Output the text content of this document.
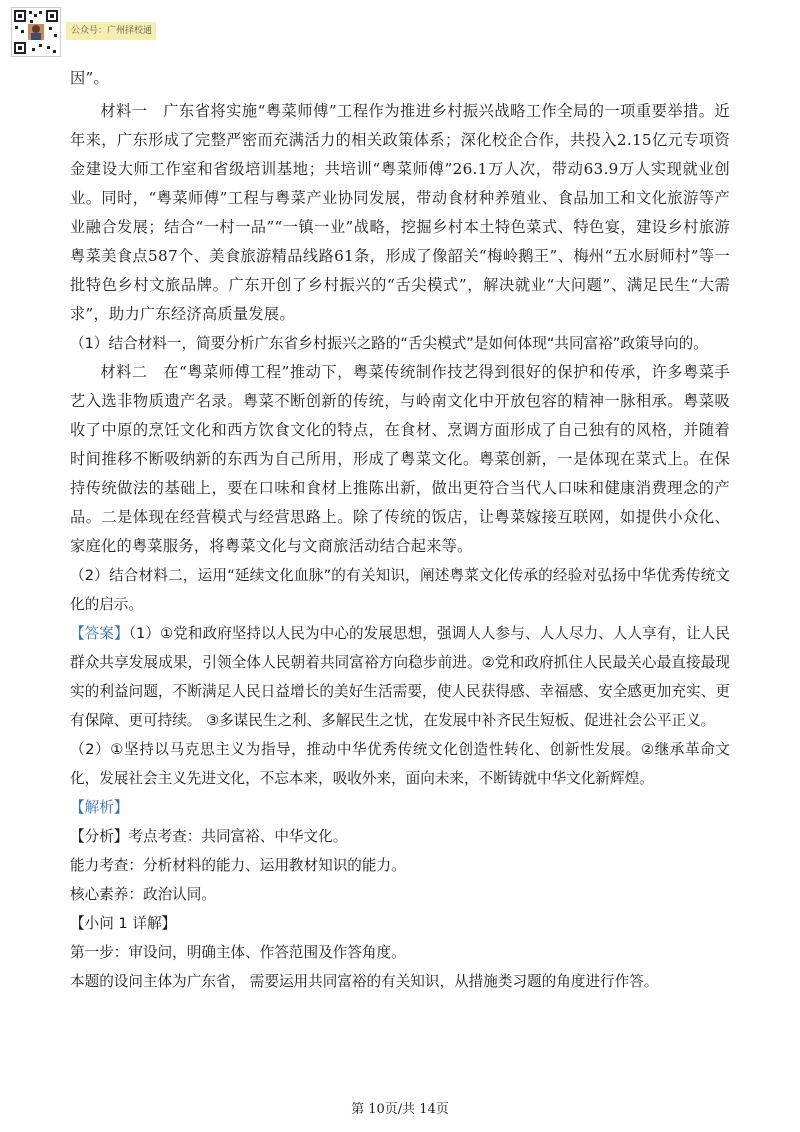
公众号：广州择校通

因”。

材料一　广东省将实施“粤菜师傅”工程作为推进乡村振兴战略工作全局的一项重要举措。近年来，广东形成了完整严密而充满活力的相关政策体系；深化校企合作，共投入2.15亿元专项资金建设大师工作室和省级培训基地；共培训“粤菜师傅”26.1万人次，带动63.9万人实现就业创业。同时，“粤菜师傅”工程与粤菜产业协同发展，带动食材种养殖业、食品加工和文化旅游等产业融合发展；结合“一村一品”“一镇一业”战略，挖掘乡村本土特色菜式、特色宴，建设乡村旅游粤菜美食点587个、美食旅游精品线路61条，形成了像韶关“梅岭鹅王”、梅州“五水厨师村”等一批特色乡村文旅品牌。广东开创了乡村振兴的“舌尖模式”，解决就业“大问题”、满足民生“大需求”，助力广东经济高质量发展。

（1）结合材料一，简要分析广东省乡村振兴之路的“舌尖模式”是如何体现“共同富裕”政策导向的。

材料二　在“粤菜师傅工程”推动下，粤菜传统制作技艺得到很好的保护和传承，许多粤菜手艺入选非物质遗产名录。粤菜不断创新的传统，与岭南文化中开放包容的精神一脉相承。粤菜吸收了中原的烹饪文化和西方饮食文化的特点，在食材、烹调方面形成了自己独有的风格，并随着时间推移不断吸纳新的东西为自己所用，形成了粤菜文化。粤菜创新，一是体现在菜式上。在保持传统做法的基础上，要在口味和食材上推陈出新，做出更符合当代人口味和健康消费理念的产品。二是体现在经营模式与经营思路上。除了传统的饭店，让粤菜嫁接互联网，如提供小众化、家庭化的粤菜服务，将粤菜文化与文商旅活动结合起来等。

（2）结合材料二，运用“延续文化血脉”的有关知识，阐述粤菜文化传承的经验对弘扬中华优秀传统文化的启示。

【答案】（1）①党和政府坚持以人民为中心的发展思想，强调人人参与、人人尽力、人人享有，让人民群众共享发展成果，引领全体人民朝着共同富裕方向稳步前进。②党和政府抓住人民最关心最直接最现实的利益问题，不断满足人民日益增长的美好生活需要，使人民获得感、幸福感、安全感更加充实、更有保障、更可持续。 ③多谋民生之利、多解民生之忧，在发展中补齐民生短板、促进社会公平正义。

（2）①坚持以马克思主义为指导，推动中华优秀传统文化创造性转化、创新性发展。②继承革命文化，发展社会主义先进文化，不忘本来，吸收外来，面向未来，不断铸就中华文化新辉煌。

【解析】

【分析】考点考查：共同富裕、中华文化。

能力考查：分析材料的能力、运用教材知识的能力。

核心素养：政治认同。

【小问 1 详解】

第一步：审设问，明确主体、作答范围及作答角度。

本题的设问主体为广东省， 需要运用共同富裕的有关知识，从措施类习题的角度进行作答。

第 10页/共 14页
